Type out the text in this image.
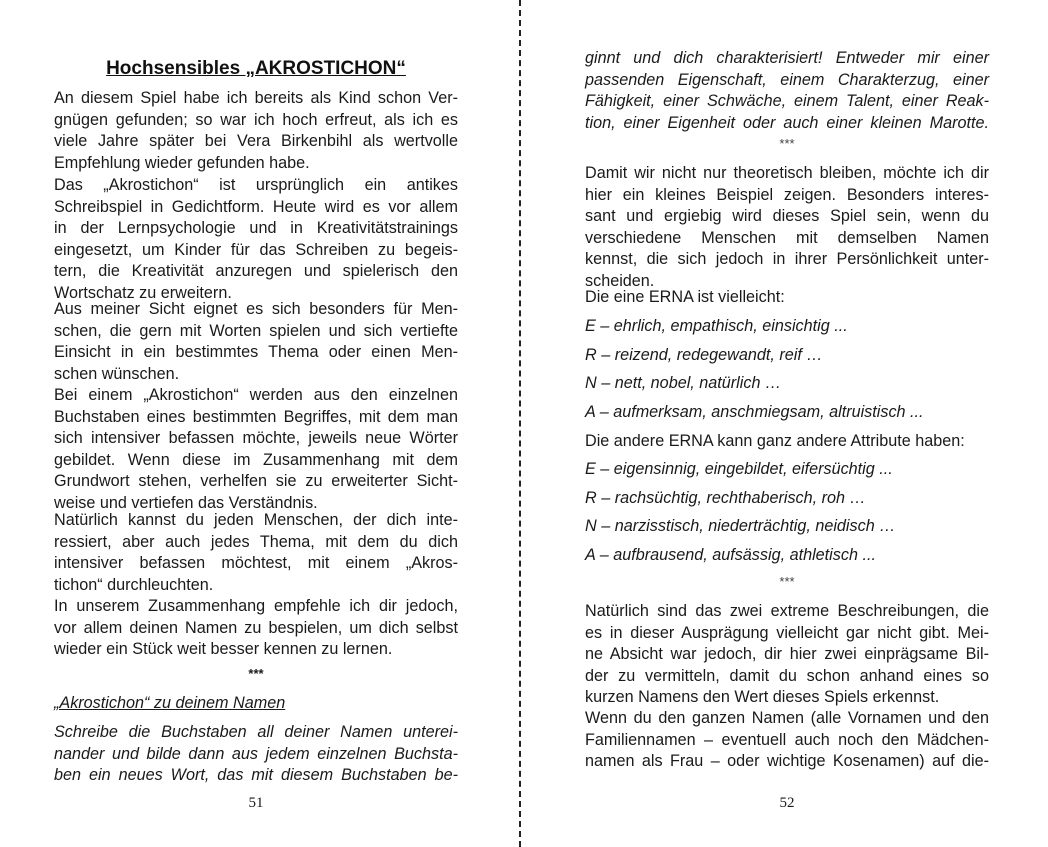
Hochsensibles „AKROSTICHON“
An diesem Spiel habe ich bereits als Kind schon Ver-
gnügen gefunden; so war ich hoch erfreut, als ich es
viele Jahre später bei Vera Birkenbihl als wertvolle
Empfehlung wieder gefunden habe.
Das „Akrostichon“ ist ursprünglich ein antikes
Schreibspiel in Gedichtform. Heute wird es vor allem
in der Lernpsychologie und in Kreativitätstrainings
eingesetzt, um Kinder für das Schreiben zu begeis-
tern, die Kreativität anzuregen und spielerisch den
Wortschatz zu erweitern.
Aus meiner Sicht eignet es sich besonders für Men-
schen, die gern mit Worten spielen und sich vertiefte
Einsicht in ein bestimmtes Thema oder einen Men-
schen wünschen.
Bei einem „Akrostichon“ werden aus den einzelnen
Buchstaben eines bestimmten Begriffes, mit dem man
sich intensiver befassen möchte, jeweils neue Wörter
gebildet. Wenn diese im Zusammenhang mit dem
Grundwort stehen, verhelfen sie zu erweiterter Sicht-
weise und vertiefen das Verständnis.
Natürlich kannst du jeden Menschen, der dich inte-
ressiert, aber auch jedes Thema, mit dem du dich
intensiver befassen möchtest, mit einem „Akros-
tichon“ durchleuchten.
In unserem Zusammenhang empfehle ich dir jedoch,
vor allem deinen Namen zu bespielen, um dich selbst
wieder ein Stück weit besser kennen zu lernen.
***
„Akrostichon“ zu deinem Namen
Schreibe die Buchstaben all deiner Namen unterei-
nander und bilde dann aus jedem einzelnen Buchsta-
ben ein neues Wort, das mit diesem Buchstaben be-
51
ginnt und dich charakterisiert! Entweder mir einer
passenden Eigenschaft, einem Charakterzug, einer
Fähigkeit, einer Schwäche, einem Talent, einer Reak-
tion, einer Eigenheit oder auch einer kleinen Marotte.
***
Damit wir nicht nur theoretisch bleiben, möchte ich dir
hier ein kleines Beispiel zeigen. Besonders interes-
sant und ergiebig wird dieses Spiel sein, wenn du
verschiedene Menschen mit demselben Namen
kennst, die sich jedoch in ihrer Persönlichkeit unter-
scheiden.
Die eine ERNA ist vielleicht:
E – ehrlich, empathisch, einsichtig ...
R – reizend, redegewandt, reif …
N – nett, nobel, natürlich …
A – aufmerksam, anschmiegsam, altruistisch ...
Die andere ERNA kann ganz andere Attribute haben:
E – eigensinnig, eingebildet, eifersüchtig ...
R – rachsüchtig, rechthaberisch, roh …
N – narzisstisch, niederträchtig, neidisch …
A – aufbrausend, aufsässig, athletisch ...
***
Natürlich sind das zwei extreme Beschreibungen, die
es in dieser Ausprägung vielleicht gar nicht gibt. Mei-
ne Absicht war jedoch, dir hier zwei einprägsame Bil-
der zu vermitteln, damit du schon anhand eines so
kurzen Namens den Wert dieses Spiels erkennst.
Wenn du den ganzen Namen (alle Vornamen und den
Familiennamen – eventuell auch noch den Mädchen-
namen als Frau – oder wichtige Kosenamen) auf die-
52
